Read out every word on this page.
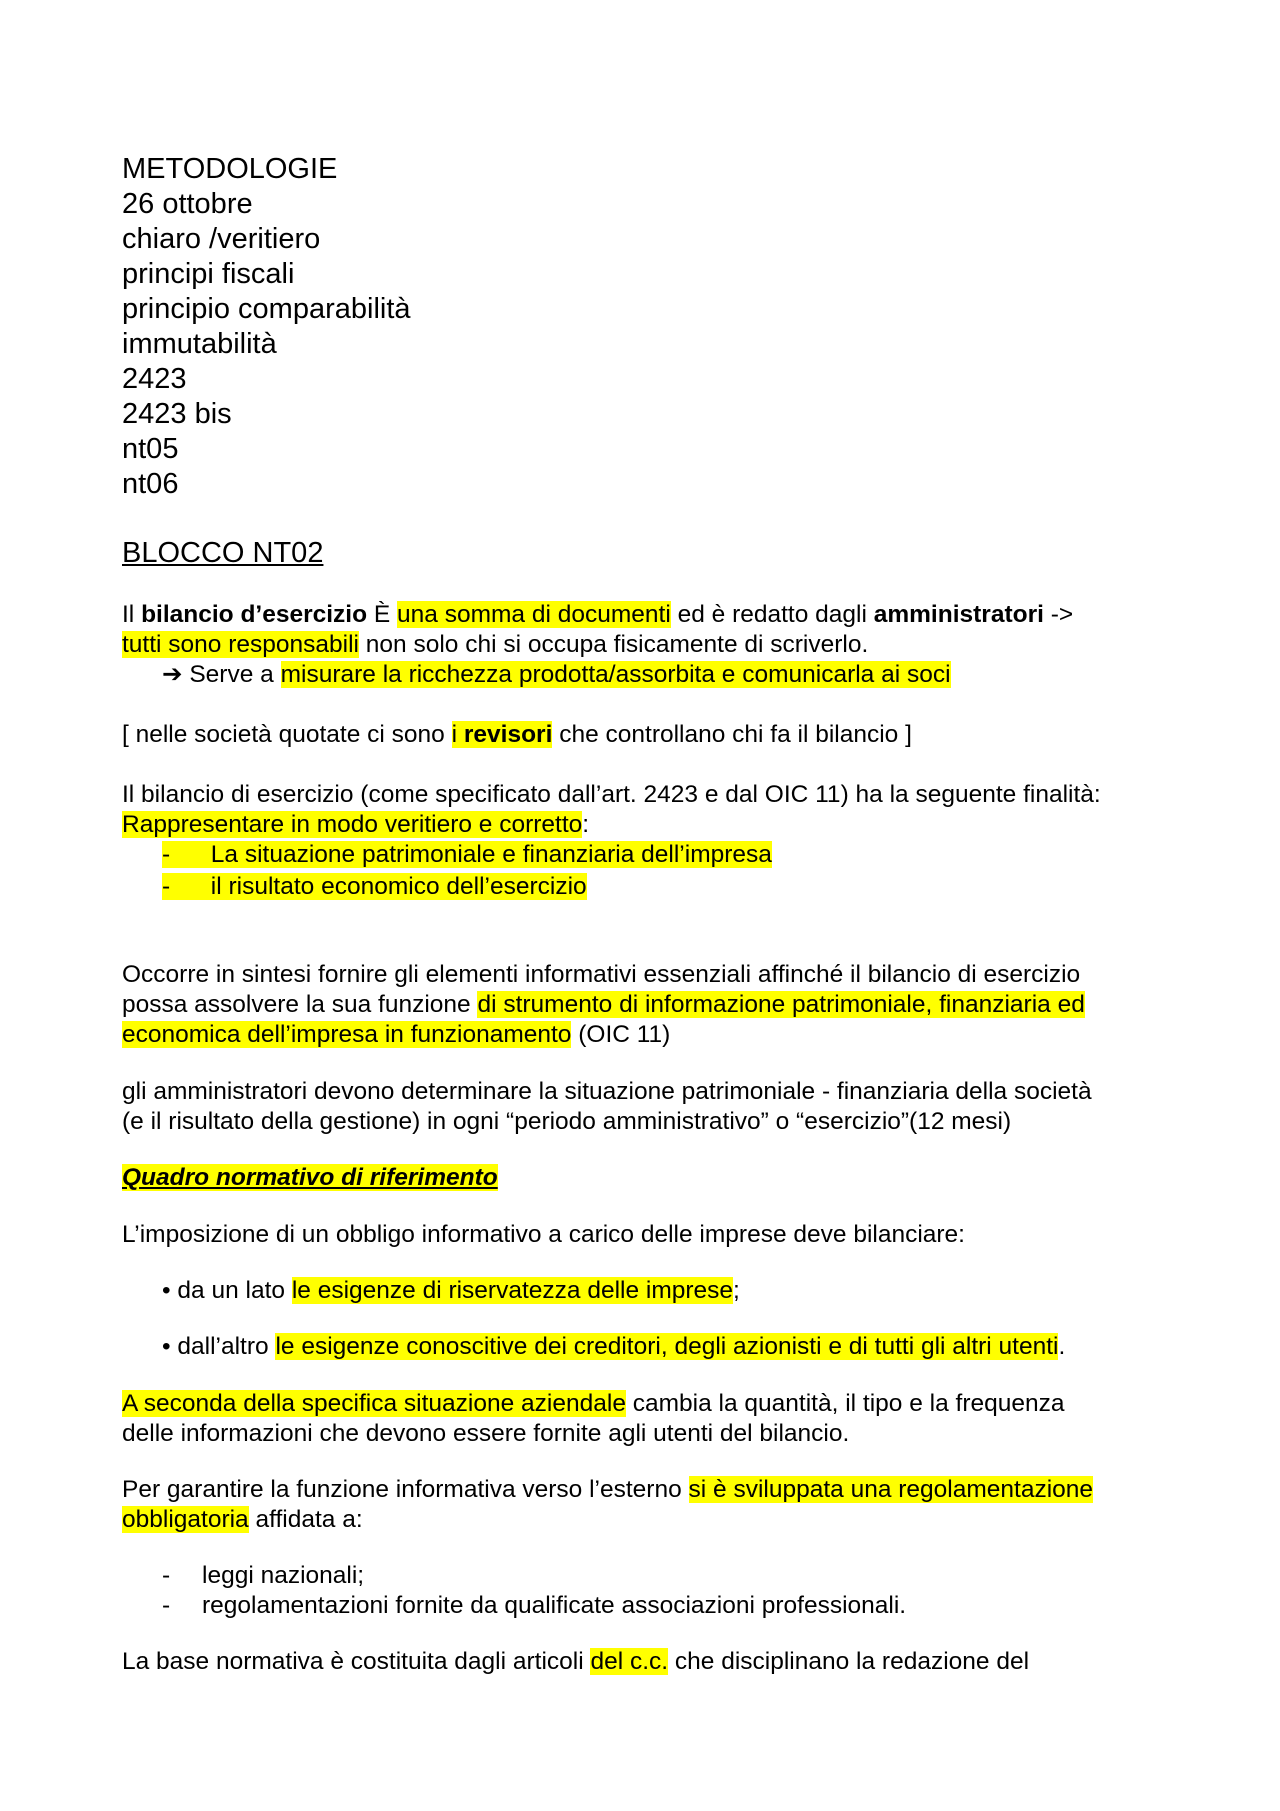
METODOLOGIE
26 ottobre
chiaro /veritiero
principi fiscali
principio comparabilità
immutabilità
2423
2423 bis
nt05
nt06
BLOCCO NT02
Il bilancio d’esercizio È una somma di documenti ed è redatto dagli amministratori ->
tutti sono responsabili non solo chi si occupa fisicamente di scriverlo.
➔ Serve a misurare la ricchezza prodotta/assorbita e comunicarla ai soci
[ nelle società quotate ci sono i revisori che controllano chi fa il bilancio ]
Il bilancio di esercizio (come specificato dall’art. 2423 e dal OIC 11) ha la seguente finalità:
Rappresentare in modo veritiero e corretto:
- La situazione patrimoniale e finanziaria dell’impresa
- il risultato economico dell’esercizio
Occorre in sintesi fornire gli elementi informativi essenziali affinché il bilancio di esercizio
possa assolvere la sua funzione di strumento di informazione patrimoniale, finanziaria ed
economica dell’impresa in funzionamento (OIC 11)
gli amministratori devono determinare la situazione patrimoniale - finanziaria della società
(e il risultato della gestione) in ogni “periodo amministrativo” o “esercizio”(12 mesi)
Quadro normativo di riferimento
L’imposizione di un obbligo informativo a carico delle imprese deve bilanciare:
• da un lato le esigenze di riservatezza delle imprese;
• dall’altro le esigenze conoscitive dei creditori, degli azionisti e di tutti gli altri utenti.
A seconda della specifica situazione aziendale cambia la quantità, il tipo e la frequenza
delle informazioni che devono essere fornite agli utenti del bilancio.
Per garantire la funzione informativa verso l’esterno si è sviluppata una regolamentazione
obbligatoria affidata a:
- leggi nazionali;
- regolamentazioni fornite da qualificate associazioni professionali.
La base normativa è costituita dagli articoli del c.c. che disciplinano la redazione del
